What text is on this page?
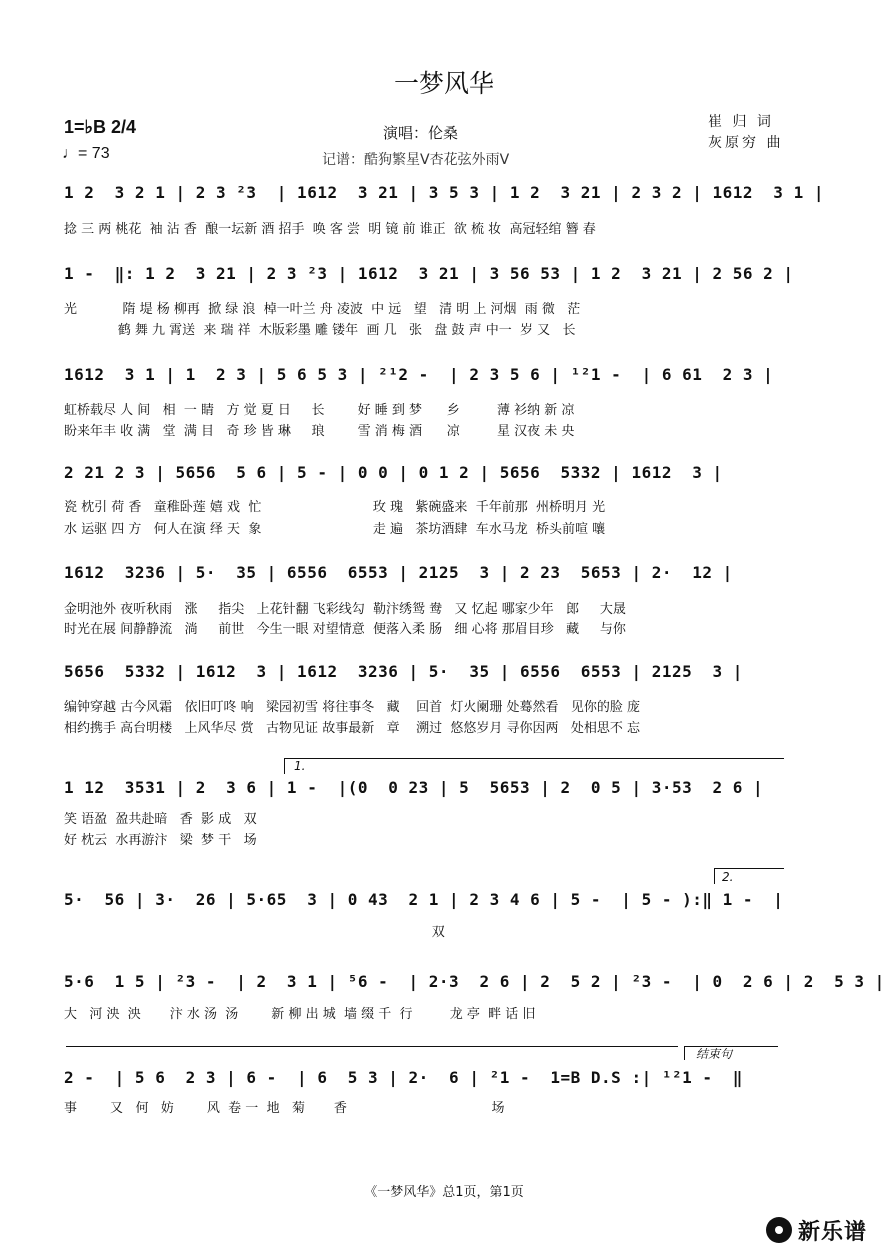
一梦风华
1=♭B 2/4
♩= 73
演唱：伦桑
记谱：酷狗繁星V杏花弦外雨V
崔 归 词
灰原穷 曲
1 2  3 2 1 | 2 3 ²3  | 1612  3 21 | 3 5 3 | 1 2  3 21 | 2 3 2 | 1612  3 1 |
捻 三 两 桃花  袖 沾 香  酿一坛新 酒 招手  唤 客 尝  明 镜 前 谁正  欲 梳 妆  高冠轻绾 簪 春
1 -  ‖: 1 2  3 21 | 2 3 ²3 | 1612  3 21 | 3 56 53 | 1 2  3 21 | 2 56 2 |
光           隋 堤 杨 柳再  掀 绿 浪  棹一叶兰 舟 凌波  中 远   望   清 明 上 河烟  雨 微   茫
鹤 舞 九 霄送  来 瑞 祥  木版彩墨 雕 镂年  画 几   张   盘 鼓 声 中一  岁 又   长
1612  3 1 | 1  2 3 | 5 6 5 3 | ²¹2 -  | 2 3 5 6 | ¹²1 -  | 6 61  2 3 |
虹桥载尽 人 间   相  一 睛   方 觉 夏 日     长        好 睡 到 梦      乡         薄 衫纳 新 凉
盼来年丰 收 满   堂  满 目   奇 珍 皆 琳     琅        雪 消 梅 酒      凉         星 汉夜 未 央
2 21 2 3 | 5656  5 6 | 5 - | 0 0 | 0 1 2 | 5656  5332 | 1612  3 |
瓷 枕引 荷 香   童稚卧莲 嬉 戏  忙                           玫 瑰   紫碗盛来  千年前那  州桥明月 光
水 运驱 四 方   何人在演 绎 天  象                           走 遍   茶坊酒肆  车水马龙  桥头前喧 嚷
1612  3236 | 5·  35 | 6556  6553 | 2125  3 | 2 23  5653 | 2·  12 |
金明池外 夜听秋雨   涨     指尖   上花针翻 飞彩线勾  勒汴绣鸳 鸯   又 忆起 哪家少年   郎     大晟
时光在展 间静静流   淌     前世   今生一眼 对望情意  便落入柔 肠   细 心将 那眉目珍   藏     与你
5656  5332 | 1612  3 | 1612  3236 | 5·  35 | 6556  6553 | 2125  3 |
编钟穿越 古今风霜   依旧叮咚 响   梁园初雪 将往事冬   藏    回首  灯火阑珊 处蓦然看   见你的脸 庞
相约携手 高台明楼   上风华尽 赏   古物见证 故事最新   章    溯过  悠悠岁月 寻你因两   处相思不 忘
1.
1 12  3531 | 2  3 6 | 1 -  |(0  0 23 | 5  5653 | 2  0 5 | 3·53  2 6 |
笑 语盈  盈共赴暗   香  影 成   双
好 枕云  水再游汴   梁  梦 干   场
2.
5·  56 | 3·  26 | 5·65  3 | 0 43  2 1 | 2 3 4 6 | 5 -  | 5 - ):‖ 1 -  |
双
5·6  1 5 | ²3 -  | 2  3 1 | ⁵6 -  | 2·3  2 6 | 2  5 2 | ²3 -  | 0  2 6 | 2  5 3 |
大   河 泱  泱       汴 水 汤  汤        新 柳 出 城  墙 缀 千  行         龙 亭  畔 话 旧
结束句
2 -  | 5 6  2 3 | 6 -  | 6  5 3 | 2·  6 | ²1 -  1=B D.S :| ¹²1 -  ‖
事        又   何   妨        风  卷 一  地   菊       香                                   场
《一梦风华》总1页，第1页
新乐谱
